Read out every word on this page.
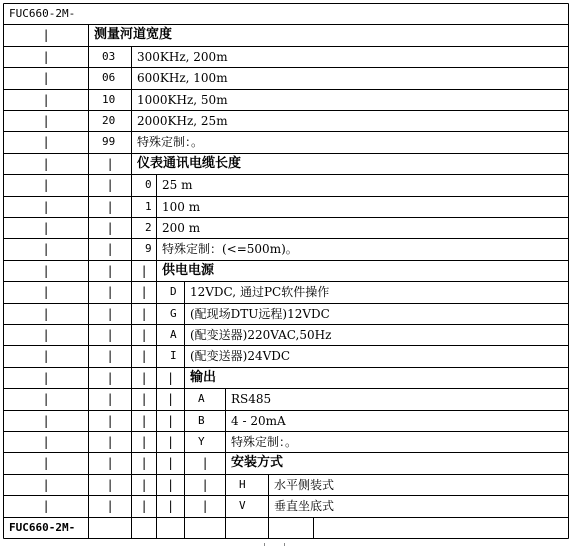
FUC660-2M-
|	测量河道宽度
|	03 300KHz, 200m
|	06 600KHz, 100m
|	10 1000KHz, 50m
|	20 2000KHz, 25m
|	99 特殊定制：。
|	| 仪表通讯电缆长度
|	|	0 25 m
|	|	1 100 m
|	|	2 200 m
|	|	9 特殊定制：(<=500m)。
|	| | 供电电源
|	| | D 12VDC, 通过PC软件操作
|	| | G (配现场DTU远程)12VDC
|	| | A (配变送器)220VAC,50Hz
|	| | I (配变送器)24VDC
|	| | | 输出
|	| | | A RS485
|	| | | B 4 - 20mA
|	| | | Y 特殊定制：。
|	| | | | 安装方式
|	| | | |	H 水平侧装式
|	| | | |	V 垂直坐底式
FUC660-2M-
